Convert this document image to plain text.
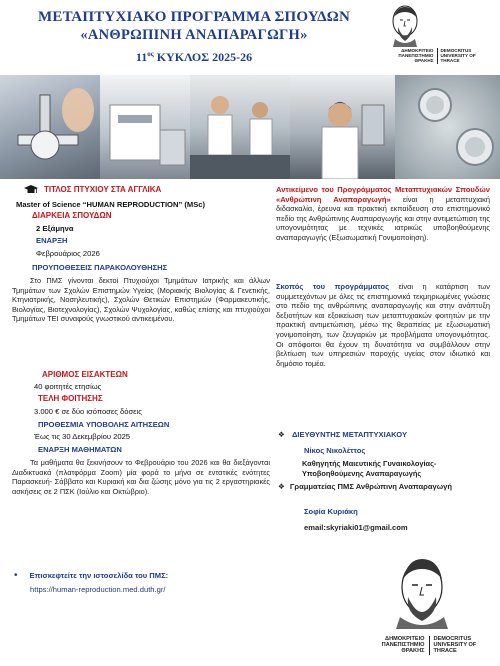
ΜΕΤΑΠΤΥΧΙΑΚΟ ΠΡΟΓΡΑΜΜΑ ΣΠΟΥΔΩΝ
«ΑΝΘΡΩΠΙΝΗ ΑΝΑΠΑΡΑΓΩΓΗ»
$11^{o\varsigma}$ ΚΥΚΛΟΣ 2025-26	ΔΗΜΟΚΡΙΤΕΙΟ ΠΑΝΕΠΙΣΤΗΜΙΟ ΘΡΑΚΗΣ
DEMOCRITUS UNIVERSITY OF THRACE
ΤΙΤΛΟΣ ΠΤΥΧΙΟΥ ΣΤΑ ΑΓΓΛΙΚΑ
Master of Science “HUMAN REPRODUCTION” (MSc)
ΔΙΑΡΚΕΙΑ ΣΠΟΥΔΩΝ
2 Εξάμηνα
ΕΝΑΡΞΗ
Φεβρουάριος 2026
ΠΡΟΥΠΟΘΕΣΕΙΣ ΠΑΡΑΚΟΛΟΥΘΗΣΗΣ
Στο ΠΜΣ γίνονται δεκτοί Πτυχιούχοι Τμημάτων Ιατρικής και άλλων Τμημάτων των Σχολών Επιστημών Υγείας (Μοριακής Βιολογίας & Γενετικής, Κτηνιατρικής, Νοσηλευτικής), Σχολών Θετικών Επιστημών (Φαρμακευτικής, Βιολογίας, Βιοτεχνολογίας), Σχολών Ψυχολογίας, καθώς επίσης και πτυχιούχοι Τμημάτων ΤΕΙ συναφούς γνωστικού αντικειμένου.
ΑΡΙΘΜΟΣ ΕΙΣΑΚΤΕΩΝ
40 φοιτητές ετησίως
ΤΕΛΗ ΦΟΙΤΗΣΗΣ
3.000 € σε δύο ισόποσες δόσεις
ΠΡΟΘΕΣΜΙΑ ΥΠΟΒΟΛΗΣ ΑΙΤΗΣΕΩΝ
Έως τις 30 Δεκεμβρίου 2025
ΕΝΑΡΞΗ ΜΑΘΗΜΑΤΩΝ
Τα μαθήματα θα ξεκινήσουν το Φεβρουάριο του 2026 και θα διεξάγονται Διαδικτυακά (πλατφόρμα Zoom) μία φορά το μήνα σε εντατικές ενότητες Παρασκευή- Σάββατο και Κυριακή και δια ζώσης μόνο για τις 2 εργαστηριακές ασκήσεις σε 2 ΠΣΚ (Ιούλιο και Οκτώβριο).
Αντικείμενο του Προγράμματος Μεταπτυχιακών Σπουδών «Ανθρώπινη Αναπαραγωγή» είναι η μεταπτυχιακή διδασκαλία, έρευνα και πρακτική εκπαίδευση στο επιστημονικό πεδίο της Ανθρώπινης Αναπαραγωγής και στην αντιμετώπιση της υπογονιμότητας με τεχνικές ιατρικώς υποβοηθούμενης αναπαραγωγής (Εξωσωματική Γονιμοποίηση).
Σκοπός του προγράμματος είναι η κατάρτιση των συμμετεχόντων με όλες τις επιστημονικά τεκμηριωμένες γνώσεις στο πεδίο της ανθρώπινης αναπαραγωγής και στην ανάπτυξη δεξιοτήτων και εξοικείωση των μεταπτυχιακών φοιτητών με την πρακτική αντιμετώπιση, μέσω της θεραπείας με εξωσωματική γονιμοποίηση, των ζευγαριών με προβλήματα υπογονιμότητας. Οι απόφοιτοι θα έχουν τη δυνατότητα να συμβάλλουν στην βελτίωση των υπηρεσιών παροχής υγείας στον ιδιωτικό και δημόσιο τομέα.
❖ ΔΙΕΥΘΥΝΤΗΣ ΜΕΤΑΠΤΥΧΙΑΚΟΥ
Νίκος Νικολέττος
Καθηγητής Μαιευτικής Γυναικολογίας-Υποβοηθούμενης Αναπαραγωγής
❖ Γραμματείας ΠΜΣ Ανθρώπινη Αναπαραγωγή
Σοφία Κυριάκη
email:skyriaki01@gmail.com
• Επισκεφτείτε την ιστοσελίδα του ΠΜΣ:
https://human-reproduction.med.duth.gr/
ΔΗΜΟΚΡΙΤΕΙΟ ΠΑΝΕΠΙΣΤΗΜΙΟ ΘΡΑΚΗΣ
DEMOCRITUS UNIVERSITY OF THRACE
